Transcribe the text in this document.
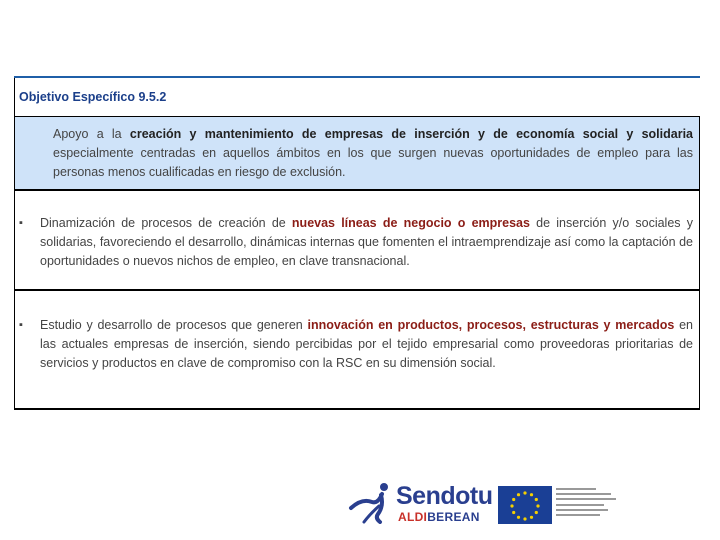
Objetivo Específico 9.5.2
Apoyo a la creación y mantenimiento de empresas de inserción y de economía social y solidaria especialmente centradas en aquellos ámbitos en los que surgen nuevas oportunidades de empleo para las personas menos cualificadas en riesgo de exclusión.
▪ Dinamización de procesos de creación de nuevas líneas de negocio o empresas de inserción y/o sociales y solidarias, favoreciendo el desarrollo, dinámicas internas que fomenten el intraemprendizaje así como la captación de oportunidades o nuevos nichos de empleo, en clave transnacional.
▪ Estudio y desarrollo de procesos que generen innovación en productos, procesos, estructuras y mercados en las actuales empresas de inserción, siendo percibidas por el tejido empresarial como proveedoras prioritarias de servicios y productos en clave de compromiso con la RSC en su dimensión social.
Sendotu
ALDIBEREAN
